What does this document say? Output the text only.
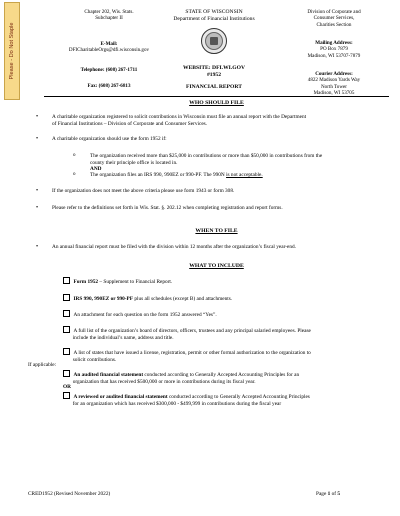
Please - Do Not Staple
Chapter 202, Wis. Stats.
Subchapter II
E-Mail:
DFICharitableOrgs@dfi.wisconsin.gov
Telephone: (608) 267-1711
Fax: (608) 267-6813
STATE OF WISCONSIN
Department of Financial Institutions
WEBSITE: DFI.WI.GOV
#1952
FINANCIAL REPORT
Division of Corporate and
Consumer Services,
Charities Section
Mailing Address:
PO Box 7879
Madison, WI 53707-7879
Courier Address:
4822 Madison Yards Way
North Tower
Madison, WI 53705
WHO SHOULD FILE
•	A charitable organization registered to solicit contributions in Wisconsin must file an annual report with the Department
of Financial Institutions – Division of Corporate and Consumer Services.
•	A charitable organization should use the form 1952 if:
o	The organization received more than $25,000 in contributions or more than $50,000 in contributions from the
county their principle office is located in.
AND
o	The organization files an IRS 990, 990EZ or 990-PF. The 990N is not acceptable.
•	If the organization does not meet the above criteria please use form 1943 or form 308.
•	Please refer to the definitions set forth in Wis. Stat. §. 202.12 when completing registration and report forms.
WHEN TO FILE
•	An annual financial report must be filed with the division within 12 months after the organization’s fiscal year-end.
WHAT TO INCLUDE
Form 1952 – Supplement to Financial Report.
IRS 990, 990EZ or 990-PF plus all schedules (except B) and attachments.
An attachment for each question on the form 1952 answered “Yes”.
A full list of the organization’s board of directors, officers, trustees and any principal salaried employees. Please
include the individual’s name, address and title.
A list of states that have issued a license, registration, permit or other formal authorization to the organization to
solicit contributions.
If applicable:
An audited financial statement conducted according to Generally Accepted Accounting Principles for an
organization that has received $500,000 or more in contributions during its fiscal year.
OR
A reviewed or audited financial statement conducted according to Generally Accepted Accounting Principles
for an organization which has received $300,000 - $499,999 in contributions during the fiscal year
CRED1952 (Revised November 2022)	Page 1 of 5
